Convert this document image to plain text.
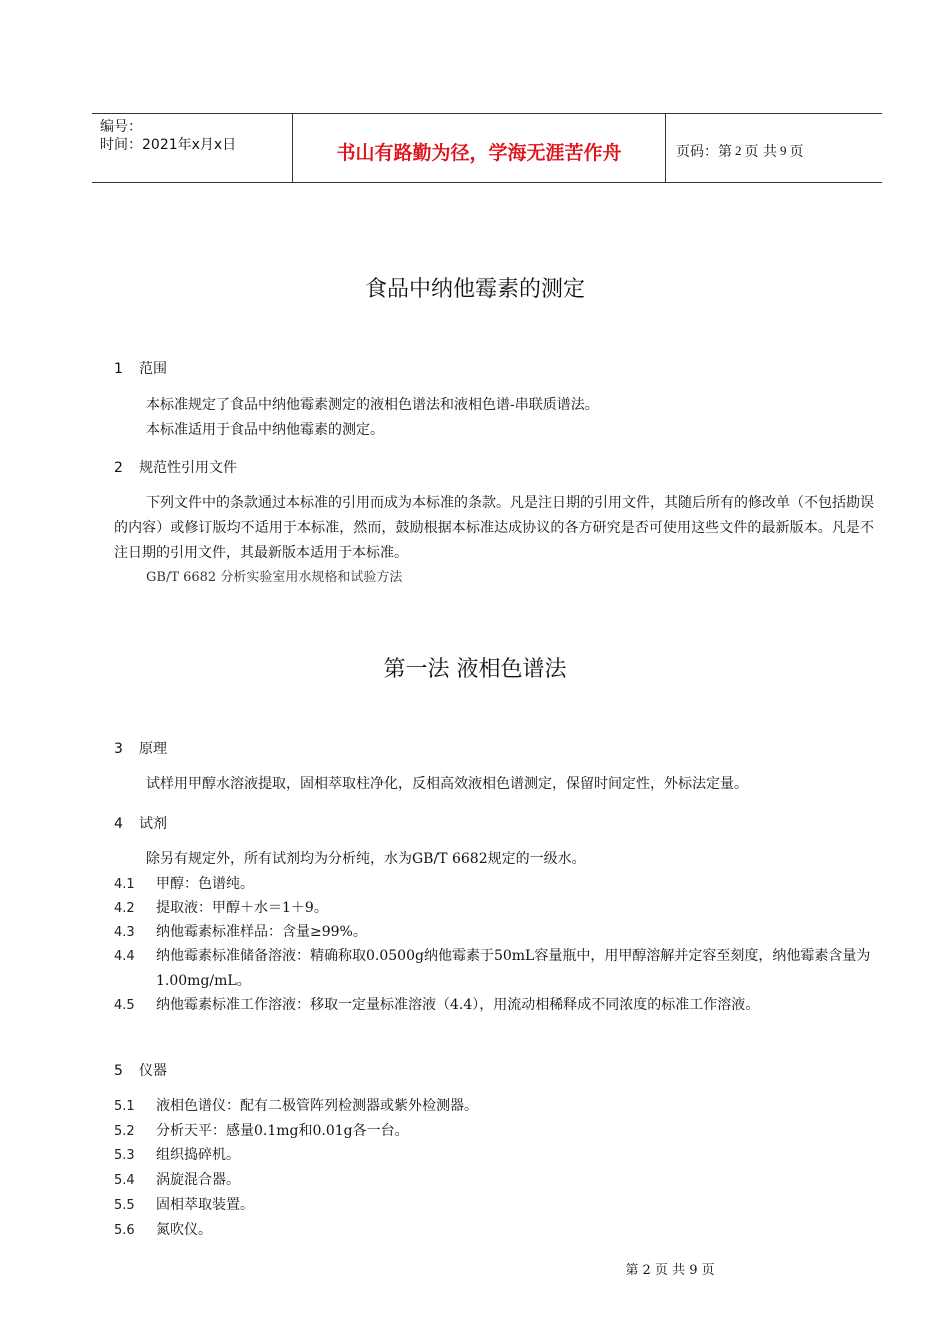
编号：
时间：2021年x月x日	书山有路勤为径，学海无涯苦作舟	页码：第 2 页 共 9 页
食品中纳他霉素的测定
1 范围
本标准规定了食品中纳他霉素测定的液相色谱法和液相色谱-串联质谱法。
本标准适用于食品中纳他霉素的测定。
2 规范性引用文件
下列文件中的条款通过本标准的引用而成为本标准的条款。凡是注日期的引用文件，其随后所有的修改单（不包括勘误的内容）或修订版均不适用于本标准，然而，鼓励根据本标准达成协议的各方研究是否可使用这些文件的最新版本。凡是不注日期的引用文件，其最新版本适用于本标准。
GB/T 6682 分析实验室用水规格和试验方法
第一法 液相色谱法
3 原理
试样用甲醇水溶液提取，固相萃取柱净化，反相高效液相色谱测定，保留时间定性，外标法定量。
4 试剂
除另有规定外，所有试剂均为分析纯，水为GB/T 6682规定的一级水。
4.1 甲醇：色谱纯。
4.2 提取液：甲醇＋水＝1＋9。
4.3 纳他霉素标准样品：含量≥99%。
4.4 纳他霉素标准储备溶液：精确称取0.0500g纳他霉素于50mL容量瓶中，用甲醇溶解并定容至刻度，纳他霉素含量为1.00mg/mL。
4.5 纳他霉素标准工作溶液：移取一定量标准溶液（4.4），用流动相稀释成不同浓度的标准工作溶液。
5 仪器
5.1 液相色谱仪：配有二极管阵列检测器或紫外检测器。
5.2 分析天平：感量0.1mg和0.01g各一台。
5.3 组织捣碎机。
5.4 涡旋混合器。
5.5 固相萃取装置。
5.6 氮吹仪。
第 2 页 共 9 页
